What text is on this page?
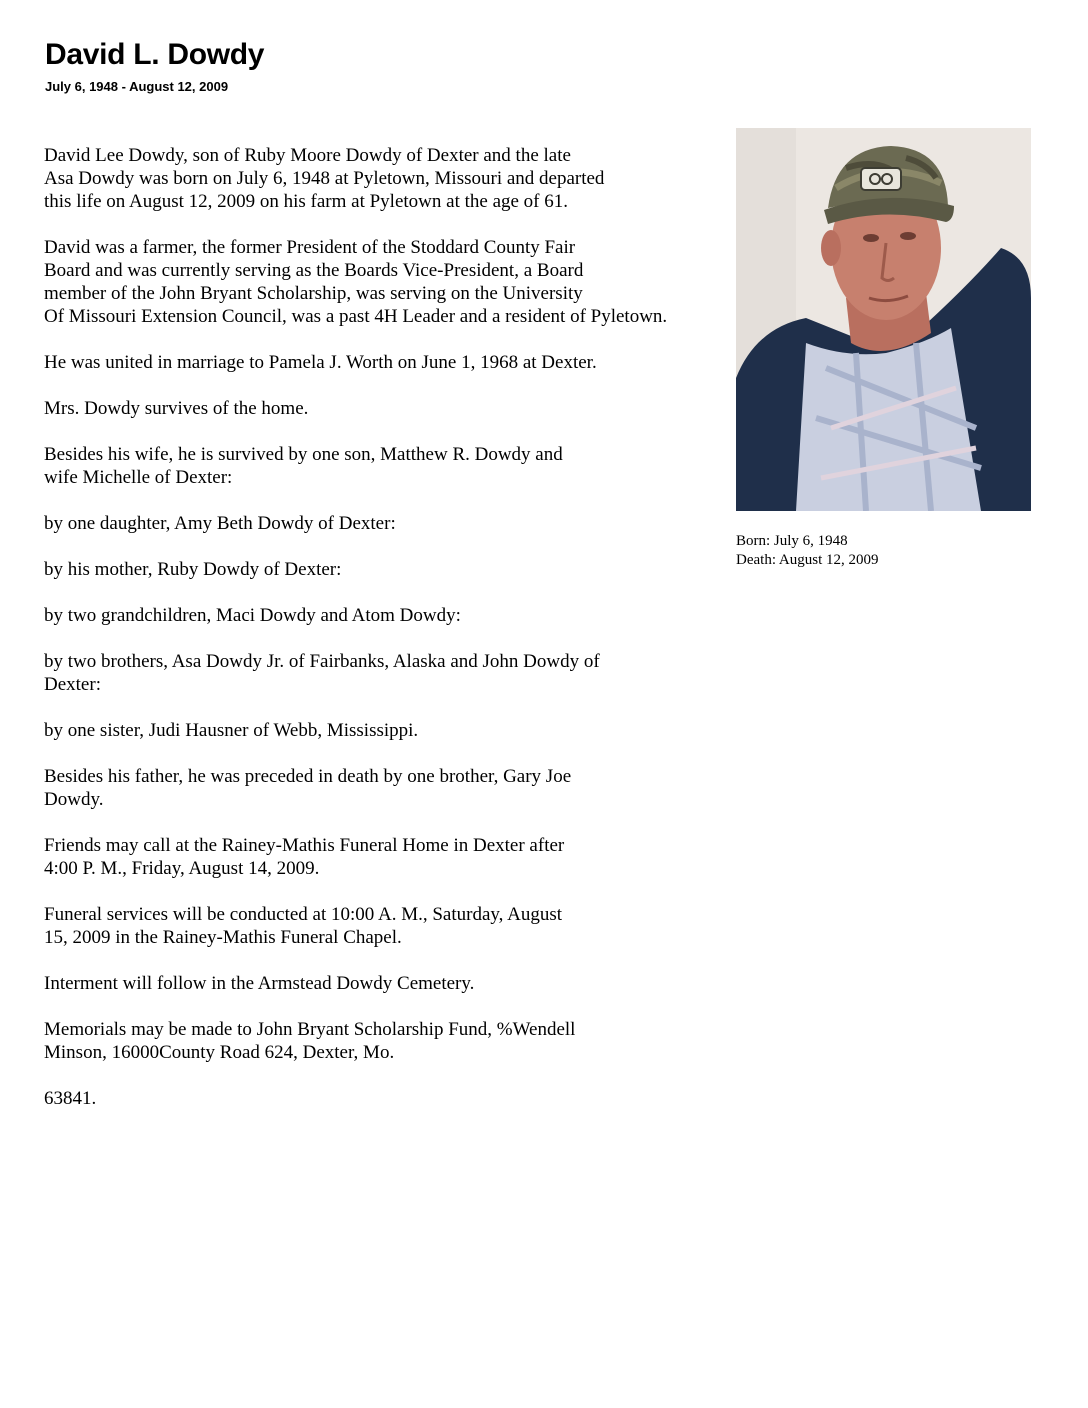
David L. Dowdy
July 6, 1948 - August 12, 2009

David Lee Dowdy, son of Ruby Moore Dowdy of Dexter and the late
Asa Dowdy was born on July 6, 1948 at Pyletown, Missouri and departed
this life on August 12, 2009 on his farm at Pyletown at the age of 61.

David was a farmer, the former President of the Stoddard County Fair
Board and was currently serving as the Boards Vice-President, a Board
member of the John Bryant Scholarship, was serving on the University
Of Missouri Extension Council, was a past 4H Leader and a resident of Pyletown.

He was united in marriage to Pamela J. Worth on June 1, 1968 at Dexter.

Mrs. Dowdy survives of the home.

Besides his wife, he is survived by one son, Matthew R. Dowdy and
wife Michelle of Dexter:

by one daughter, Amy Beth Dowdy of Dexter:

by his mother, Ruby Dowdy of Dexter:

by two grandchildren, Maci Dowdy and Atom Dowdy:

by two brothers, Asa Dowdy Jr. of Fairbanks, Alaska and John Dowdy of
Dexter:

by one sister, Judi Hausner of Webb, Mississippi.

Besides his father, he was preceded in death by one brother, Gary Joe
Dowdy.

Friends may call at the Rainey-Mathis Funeral Home in Dexter after
4:00 P. M., Friday, August 14, 2009.

Funeral services will be conducted at 10:00 A. M., Saturday, August
15, 2009 in the Rainey-Mathis Funeral Chapel.

Interment will follow in the Armstead Dowdy Cemetery.

Memorials may be made to John Bryant Scholarship Fund, %Wendell
Minson, 16000County Road 624, Dexter, Mo.

63841.

Born: July 6, 1948
Death: August 12, 2009
